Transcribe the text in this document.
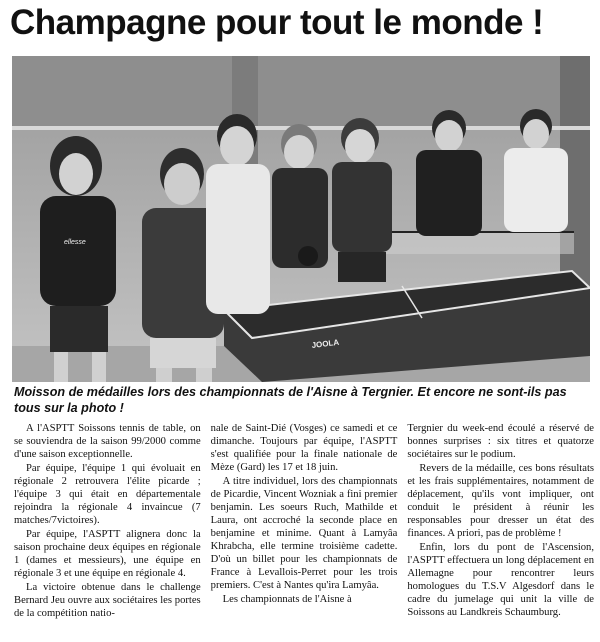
Champagne pour tout le monde !
JOOLA
ellesse
Moisson de médailles lors des championnats de l'Aisne à Tergnier. Et encore ne sont-ils pas tous sur la photo !

A l'ASPTT Soissons tennis de table, on se souviendra de la saison 99/2000 comme d'une saison exceptionnelle.

Par équipe, l'équipe 1 qui évoluait en régionale 2 retrouvera l'élite picarde ; l'équipe 3 qui était en départementale rejoindra la régionale 4 invaincue (7 matches/7victoires).

Par équipe, l'ASPTT alignera donc la saison prochaine deux équipes en régionale 1 (dames et messieurs), une équipe en régionale 3 et une équipe en régionale 4.

La victoire obtenue dans le challenge Bernard Jeu ouvre aux sociétaires les portes de la compétition natio-

nale de Saint-Dié (Vosges) ce samedi et ce dimanche. Toujours par équipe, l'ASPTT s'est qualifiée pour la finale nationale de Mèze (Gard) les 17 et 18 juin.

A titre individuel, lors des championnats de Picardie, Vincent Wozniak a fini premier benjamin. Les soeurs Ruch, Mathilde et Laura, ont accroché la seconde place en benjamine et minime. Quant à Lamyâa Khrabcha, elle termine troisième cadette. D'où un billet pour les championnats de France à Levallois-Perret pour les trois premiers. C'est à Nantes qu'ira Lamyâa.

Les championnats de l'Aisne à

Tergnier du week-end écoulé a réservé de bonnes surprises : six titres et quatorze sociétaires sur le podium.

Revers de la médaille, ces bons résultats et les frais supplémentaires, notamment de déplacement, qu'ils vont impliquer, ont conduit le président à réunir les responsables pour dresser un état des finances. A priori, pas de problème !

Enfin, lors du pont de l'Ascension, l'ASPTT effectuera un long déplacement en Allemagne pour rencontrer leurs homologues du T.S.V Algesdorf dans le cadre du jumelage qui unit la ville de Soissons au Landkreis Schaumburg.
